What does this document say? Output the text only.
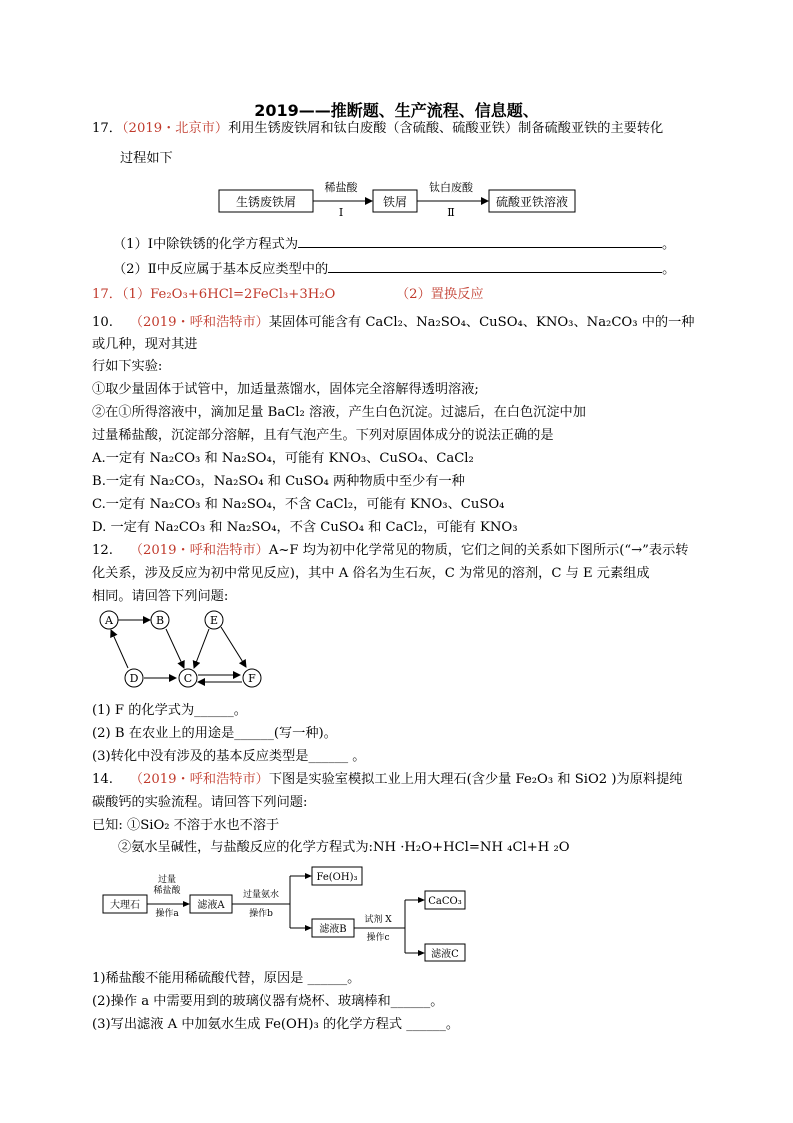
2019——推断题、生产流程、信息题、
17．（2019・北京市）利用生锈废铁屑和钛白废酸（含硫酸、硫酸亚铁）制备硫酸亚铁的主要转化
过程如下
生锈废铁屑
稀盐酸
Ⅰ
铁屑
钛白废酸
Ⅱ
硫酸亚铁溶液
（1）Ⅰ中除铁锈的化学方程式为	。
（2）Ⅱ中反应属于基本反应类型中的	。
17．（1）Fe₂O₃+6HCl=2FeCl₃+3H₂O	（2）置换反应
10. （2019・呼和浩特市）某固体可能含有 CaCl₂、Na₂SO₄、CuSO₄、KNO₃、Na₂CO₃ 中的一种
或几种，现对其进
行如下实验:
①取少量固体于试管中，加适量蒸馏水，固体完全溶解得透明溶液;
②在①所得溶液中，滴加足量 BaCl₂ 溶液，产生白色沉淀。过滤后，在白色沉淀中加
过量稀盐酸，沉淀部分溶解，且有气泡产生。下列对原固体成分的说法正确的是
A.一定有 Na₂CO₃ 和 Na₂SO₄，可能有 KNO₃、CuSO₄、CaCl₂
B.一定有 Na₂CO₃，Na₂SO₄ 和 CuSO₄ 两种物质中至少有一种
C.一定有 Na₂CO₃ 和 Na₂SO₄，不含 CaCl₂，可能有 KNO₃、CuSO₄
D. 一定有 Na₂CO₃ 和 Na₂SO₄，不含 CuSO₄ 和 CaCl₂，可能有 KNO₃
12. （2019・呼和浩特市）A~F 均为初中化学常见的物质，它们之间的关系如下图所示(“→”表示转
化关系，涉及反应为初中常见反应)，其中 A 俗名为生石灰，C 为常见的溶剂，C 与 E 元素组成
相同。请回答下列问题:
A	B
C
D
E
F
(1) F 的化学式为______。
(2) B 在农业上的用途是______(写一种)。
(3)转化中没有涉及的基本反应类型是______ 。
14. （2019・呼和浩特市）下图是实验室模拟工业上用大理石(含少量 Fe₂O₃ 和 SiO2 )为原料提纯
碳酸钙的实验流程。请回答下列问题:
已知: ①SiO₂ 不溶于水也不溶于
②氨水呈碱性，与盐酸反应的化学方程式为:NH ·H₂O+HCl=NH ₄Cl+H ₂O
大理石
过量
稀盐酸
操作a
滤液A
过量氨水
操作b
Fe(OH)₃
滤液B
试剂 X
操作c
CaCO₃
滤液C
1)稀盐酸不能用稀硫酸代替，原因是 ______。
(2)操作 a 中需要用到的玻璃仪器有烧杯、玻璃棒和______。
(3)写出滤液 A 中加氨水生成 Fe(OH)₃ 的化学方程式 ______。
